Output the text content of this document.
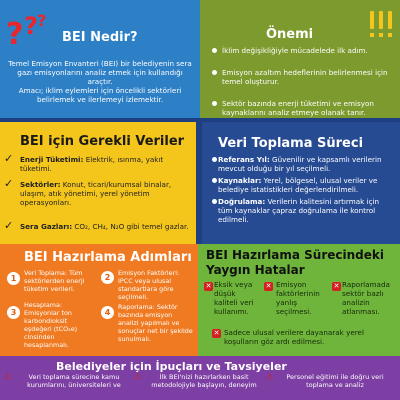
? ? ?
BEI Nedir?
Temel Emisyon Envanteri (BEI) bir belediyenin sera gazı emisyonlarını analiz etmek için kullandığı araçtır.
Amacı; iklim eylemleri için öncelikli sektörleri belirlemek ve ilerlemeyi izlemektir.
Önemi
İklim değişikliğiyle mücadelede ilk adım.
Emisyon azaltım hedeflerinin belirlenmesi için temel oluşturur.
Sektör bazında enerji tüketimi ve emisyon kaynaklarını analiz etmeye olanak tanır.
BEI için Gerekli Veriler
✓ Enerji Tüketimi: Elektrik, ısınma, yakıt tüketimi.
✓ Sektörler: Konut, ticari/kurumsal binalar, ulaşım, atık yönetimi, yerel yönetim operasyonları.
✓ Sera Gazları: CO₂, CH₄, N₂O gibi temel gazlar.
Veri Toplama Süreci
Referans Yıl: Güvenilir ve kapsamlı verilerin mevcut olduğu bir yıl seçilmeli.
Kaynaklar: Yerel, bölgesel, ulusal veriler ve belediye istatistikleri değerlendirilmeli.
Doğrulama: Verilerin kalitesini artırmak için tüm kaynaklar çapraz doğrulama ile kontrol edilmeli.
BEI Hazırlama Adımları
1
Veri Toplama: Tüm sektörlerden enerji tüketim verileri.
2	Emisyon Faktörleri: IPCC veya ulusal standartlara göre seçilmeli.
3
Hesaplama: Emisyonlar ton karbondioksit eşdeğeri (tCO₂e) cinsinden hesaplanmalı.
4
Raporlama: Sektör bazında emisyon analizi yapılmalı ve sonuçlar net bir şekilde sunulmalı.
BEI Hazırlama Sürecindeki
Yaygın Hatalar
✕ Eksik veya düşük kaliteli veri kullanımı.
✕ Emisyon faktörlerinin yanlış seçilmesi.
✕ Raporlamada sektör bazlı analizin atlanması.
✕ Sadece ulusal verilere dayanarak yerel koşulların göz ardı edilmesi.
Belediyeler için İpuçları ve Tavsiyeler
⚠	Veri toplama sürecine kamu kurumlarını, üniversiteleri ve
⚠	İlk BEI'nizi hazırlarken basit metodolojiyle başlayın, deneyim
⚠	Personel eğitimi ile doğru veri toplama ve analiz
